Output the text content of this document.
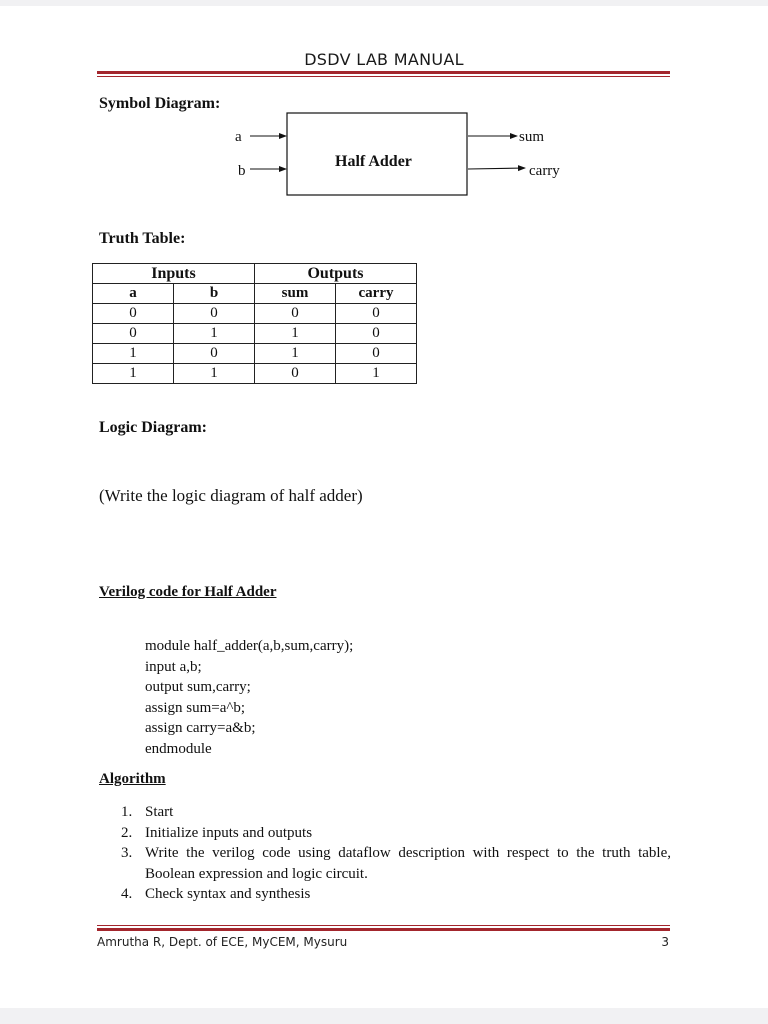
DSDV LAB MANUAL
Symbol Diagram:
a
b
sum
carry
Half Adder
Truth Table:
Inputs		Outputs	
a	b	sum	carry
0	0	0	0
0	1	1	0
1	0	1	0
1	1	0	1
Logic Diagram:
(Write the logic diagram of half adder)
Verilog code for Half Adder
module half_adder(a,b,sum,carry);
input a,b;
output sum,carry;
assign sum=a^b;
assign carry=a&b;
endmodule
Algorithm
1. Start
2. Initialize inputs and outputs
3. Write the verilog code using dataflow description with respect to the truth table, Boolean expression and logic circuit.
4. Check syntax and synthesis
Amrutha R, Dept. of ECE, MyCEM, Mysuru	3
